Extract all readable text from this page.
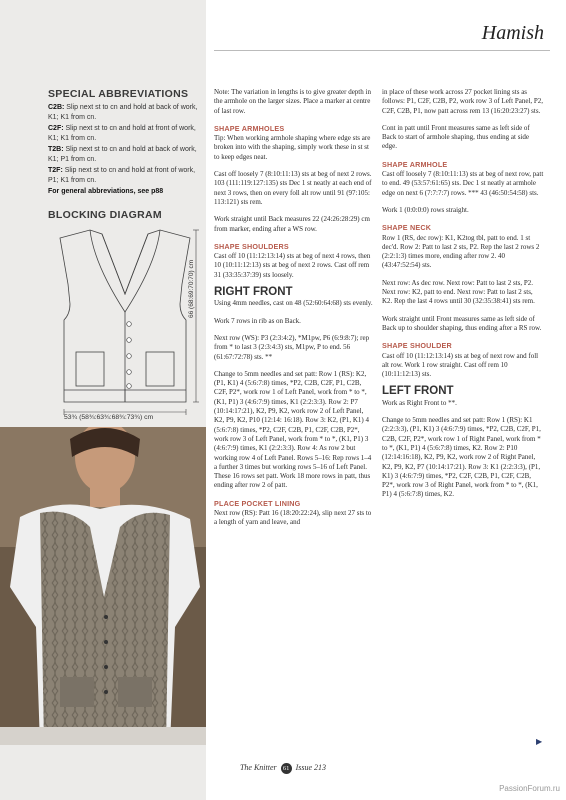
SPECIAL ABBREVIATIONS

C2B: Slip next st to cn and hold at back of work, K1; K1 from cn.

C2F: Slip next st to cn and hold at front of work, K1; K1 from cn.

T2B: Slip next st to cn and hold at back of work, K1; P1 from cn.

T2F: Slip next st to cn and hold at front of work, P1; K1 from cn.

For general abbreviations, see p88

BLOCKING DIAGRAM
66 (68:69:70:70) cm
53¾ (58¾:63¾:68¾:73¾) cm
Hamish

Note: The variation in lengths is to give greater depth in the armhole on the larger sizes. Place a marker at centre of last row.

SHAPE ARMHOLES

Tip: When working armhole shaping where edge sts are broken into with the shaping, simply work these in st st to keep edges neat.

Cast off loosely 7 (8:10:11:13) sts at beg of next 2 rows. 103 (111:119:127:135) sts Dec 1 st neatly at each end of next 3 rows, then on every foll alt row until 91 (97:105: 113:121) sts rem.

Work straight until Back measures 22 (24:26:28:29) cm from marker, ending after a WS row.

SHAPE SHOULDERS

Cast off 10 (11:12:13:14) sts at beg of next 4 rows, then 10 (10:11:12:13) sts at beg of next 2 rows. Cast off rem 31 (33:35:37:39) sts loosely.

RIGHT FRONT

Using 4mm needles, cast on 48 (52:60:64:68) sts evenly.

Work 7 rows in rib as on Back.

Next row (WS): P3 (2:3:4:2), *M1pw, P6 (6:9:8:7); rep from * to last 3 (2:3:4:3) sts, M1pw, P to end. 56 (61:67:72:78) sts. **

Change to 5mm needles and set patt: Row 1 (RS): K2, (P1, K1) 4 (5:6:7:8) times, *P2, C2B, C2F, P1, C2B, C2F, P2*, work row 1 of Left Panel, work from * to *, (K1, P1) 3 (4:6:7:9) times, K1 (2:2:3:3). Row 2: P7 (10:14:17:21), K2, P9, K2, work row 2 of Left Panel, K2, P9, K2, P10 (12:14: 16:18). Row 3: K2, (P1, K1) 4 (5:6:7:8) times, *P2, C2F, C2B, P1, C2F, C2B, P2*, work row 3 of Left Panel, work from * to *, (K1, P1) 3 (4:6:7:9) times, K1 (2:2:3:3). Row 4: As row 2 but working row 4 of Left Panel. Rows 5–16: Rep rows 1–4 a further 3 times but working rows 5–16 of Left Panel. These 16 rows set patt. Work 18 more rows in patt, thus ending after row 2 of patt.

PLACE POCKET LINING

Next row (RS): Patt 16 (18:20:22:24), slip next 27 sts to a length of yarn and leave, and

in place of these work across 27 pocket lining sts as follows: P1, C2F, C2B, P2, work row 3 of Left Panel, P2, C2F, C2B, P1, now patt across rem 13 (16:20:23:27) sts.

Cont in patt until Front measures same as left side of Back to start of armhole shaping, thus ending at side edge.

SHAPE ARMHOLE

Cast off loosely 7 (8:10:11:13) sts at beg of next row, patt to end. 49 (53:57:61:65) sts. Dec 1 st neatly at armhole edge on next 6 (7:7:7:7) rows. *** 43 (46:50:54:58) sts.

Work 1 (0:0:0:0) rows straight.

SHAPE NECK

Row 1 (RS, dec row): K1, K2tog tbl, patt to end. 1 st dec'd. Row 2: Patt to last 2 sts, P2. Rep the last 2 rows 2 (2:2:1:3) times more, ending after row 2. 40 (43:47:52:54) sts.

Next row: As dec row. Next row: Patt to last 2 sts, P2. Next row: K2, patt to end. Next row: Patt to last 2 sts, K2. Rep the last 4 rows until 30 (32:35:38:41) sts rem.

Work straight until Front measures same as left side of Back up to shoulder shaping, thus ending after a RS row.

SHAPE SHOULDER

Cast off 10 (11:12:13:14) sts at beg of next row and foll alt row. Work 1 row straight. Cast off rem 10 (10:11:12:13) sts.

LEFT FRONT

Work as Right Front to **.

Change to 5mm needles and set patt: Row 1 (RS): K1 (2:2:3:3), (P1, K1) 3 (4:6:7:9) times, *P2, C2B, C2F, P1, C2B, C2F, P2*, work row 1 of Right Panel, work from * to *, (K1, P1) 4 (5:6:7:8) times, K2. Row 2: P10 (12:14:16:18), K2, P9, K2, work row 2 of Right Panel, K2, P9, K2, P7 (10:14:17:21). Row 3: K1 (2:2:3:3), (P1, K1) 3 (4:6:7:9) times, *P2, C2F, C2B, P1, C2F, C2B, P2*, work row 3 of Right Panel, work from * to *, (K1, P1) 4 (5:6:7:8) times, K2.

▶
The Knitter 61 Issue 213
PassionForum.ru
